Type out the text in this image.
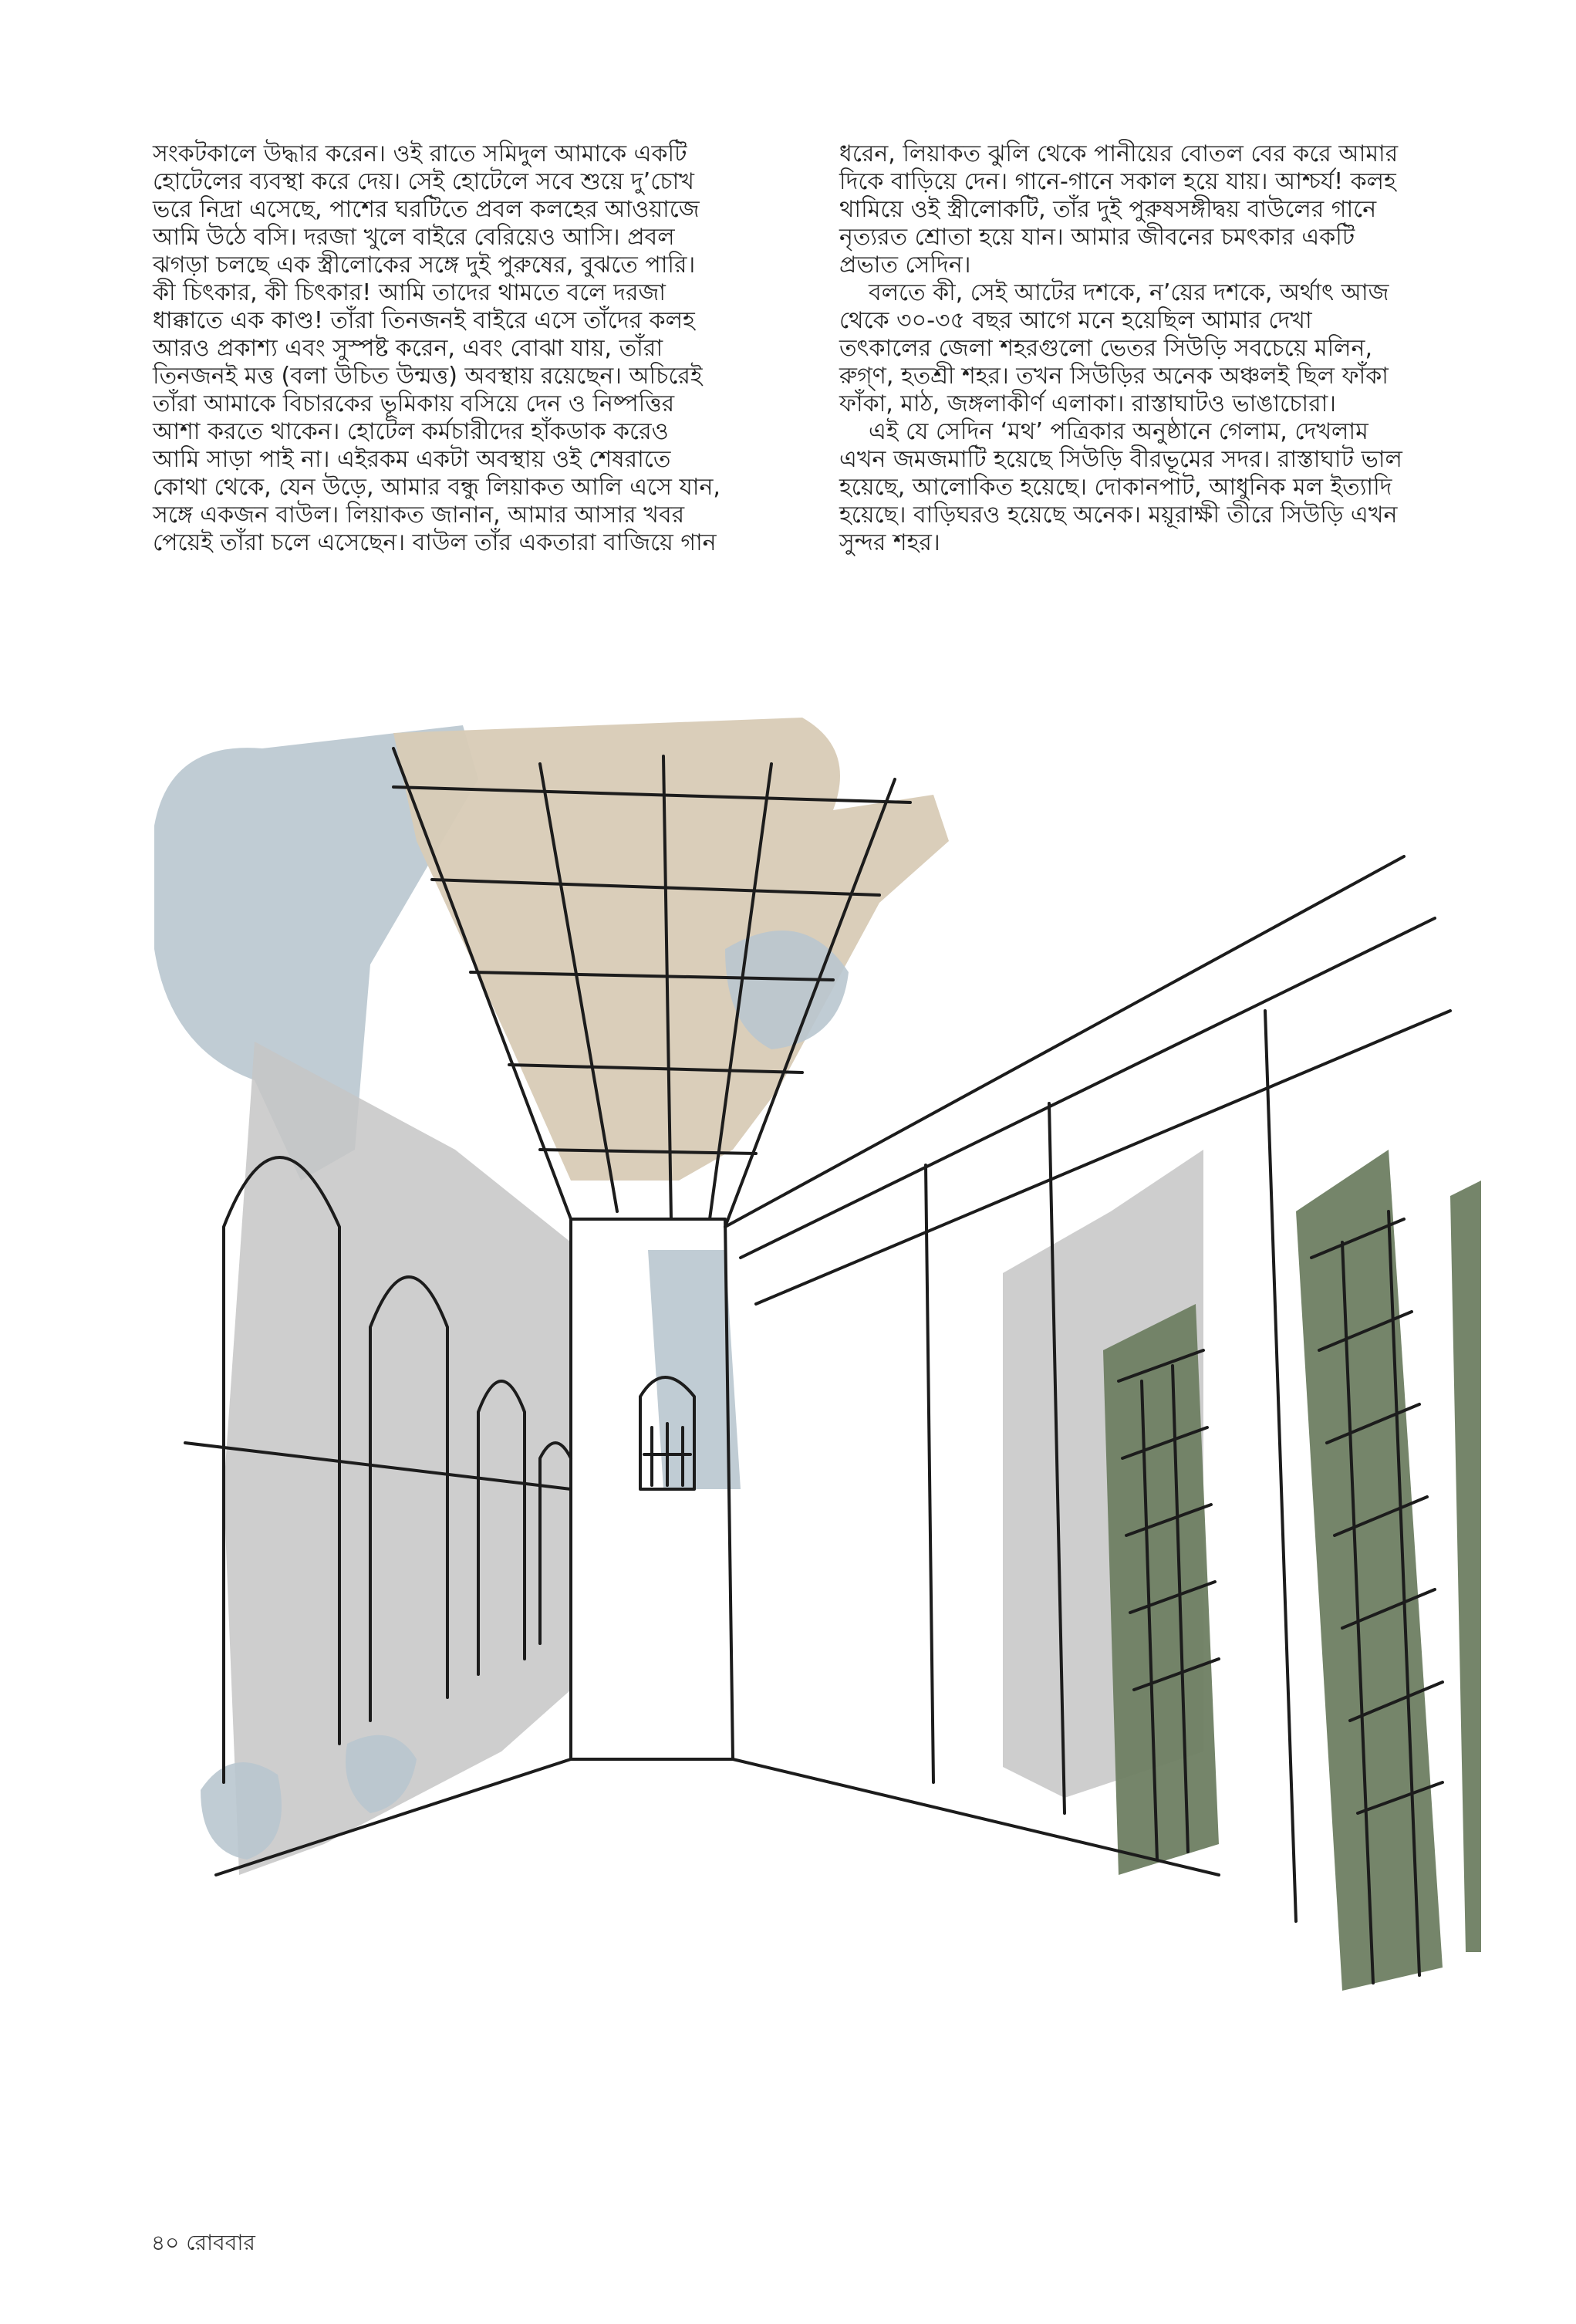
সংকটকালে উদ্ধার করেন। ওই রাতে সমিদুল আমাকে একটি
হোটেলের ব্যবস্থা করে দেয়। সেই হোটেলে সবে শুয়ে দু’চোখ
ভরে নিদ্রা এসেছে, পাশের ঘরটিতে প্রবল কলহের আওয়াজে
আমি উঠে বসি। দরজা খুলে বাইরে বেরিয়েও আসি। প্রবল
ঝগড়া চলছে এক স্ত্রীলোকের সঙ্গে দুই পুরুষের, বুঝতে পারি।
কী চিৎকার, কী চিৎকার! আমি তাদের থামতে বলে দরজা
ধাক্কাতে এক কাণ্ড! তাঁরা তিনজনই বাইরে এসে তাঁদের কলহ
আরও প্রকাশ্য এবং সুস্পষ্ট করেন, এবং বোঝা যায়, তাঁরা
তিনজনই মত্ত (বলা উচিত উন্মত্ত) অবস্থায় রয়েছেন। অচিরেই
তাঁরা আমাকে বিচারকের ভূমিকায় বসিয়ে দেন ও নিষ্পত্তির
আশা করতে থাকেন। হোটেল কর্মচারীদের হাঁকডাক করেও
আমি সাড়া পাই না। এইরকম একটা অবস্থায় ওই শেষরাতে
কোথা থেকে, যেন উড়ে, আমার বন্ধু লিয়াকত আলি এসে যান,
সঙ্গে একজন বাউল। লিয়াকত জানান, আমার আসার খবর
পেয়েই তাঁরা চলে এসেছেন। বাউল তাঁর একতারা বাজিয়ে গান
ধরেন, লিয়াকত ঝুলি থেকে পানীয়ের বোতল বের করে আমার
দিকে বাড়িয়ে দেন। গানে-গানে সকাল হয়ে যায়। আশ্চর্য! কলহ
থামিয়ে ওই স্ত্রীলোকটি, তাঁর দুই পুরুষসঙ্গীদ্বয় বাউলের গানে
নৃত্যরত শ্রোতা হয়ে যান। আমার জীবনের চমৎকার একটি
প্রভাত সেদিন।
বলতে কী, সেই আটের দশকে, ন’য়ের দশকে, অর্থাৎ আজ
থেকে ৩০-৩৫ বছর আগে মনে হয়েছিল আমার দেখা
তৎকালের জেলা শহরগুলো ভেতর সিউড়ি সবচেয়ে মলিন,
রুগ্ণ, হতশ্রী শহর। তখন সিউড়ির অনেক অঞ্চলই ছিল ফাঁকা
ফাঁকা, মাঠ, জঙ্গলাকীর্ণ এলাকা। রাস্তাঘাটও ভাঙাচোরা।
এই যে সেদিন ‘মথ’ পত্রিকার অনুষ্ঠানে গেলাম, দেখলাম
এখন জমজমাটি হয়েছে সিউড়ি বীরভূমের সদর। রাস্তাঘাট ভাল
হয়েছে, আলোকিত হয়েছে। দোকানপাট, আধুনিক মল ইত্যাদি
হয়েছে। বাড়িঘরও হয়েছে অনেক। ময়ূরাক্ষী তীরে সিউড়ি এখন
সুন্দর শহর।
৪০ রোববার
